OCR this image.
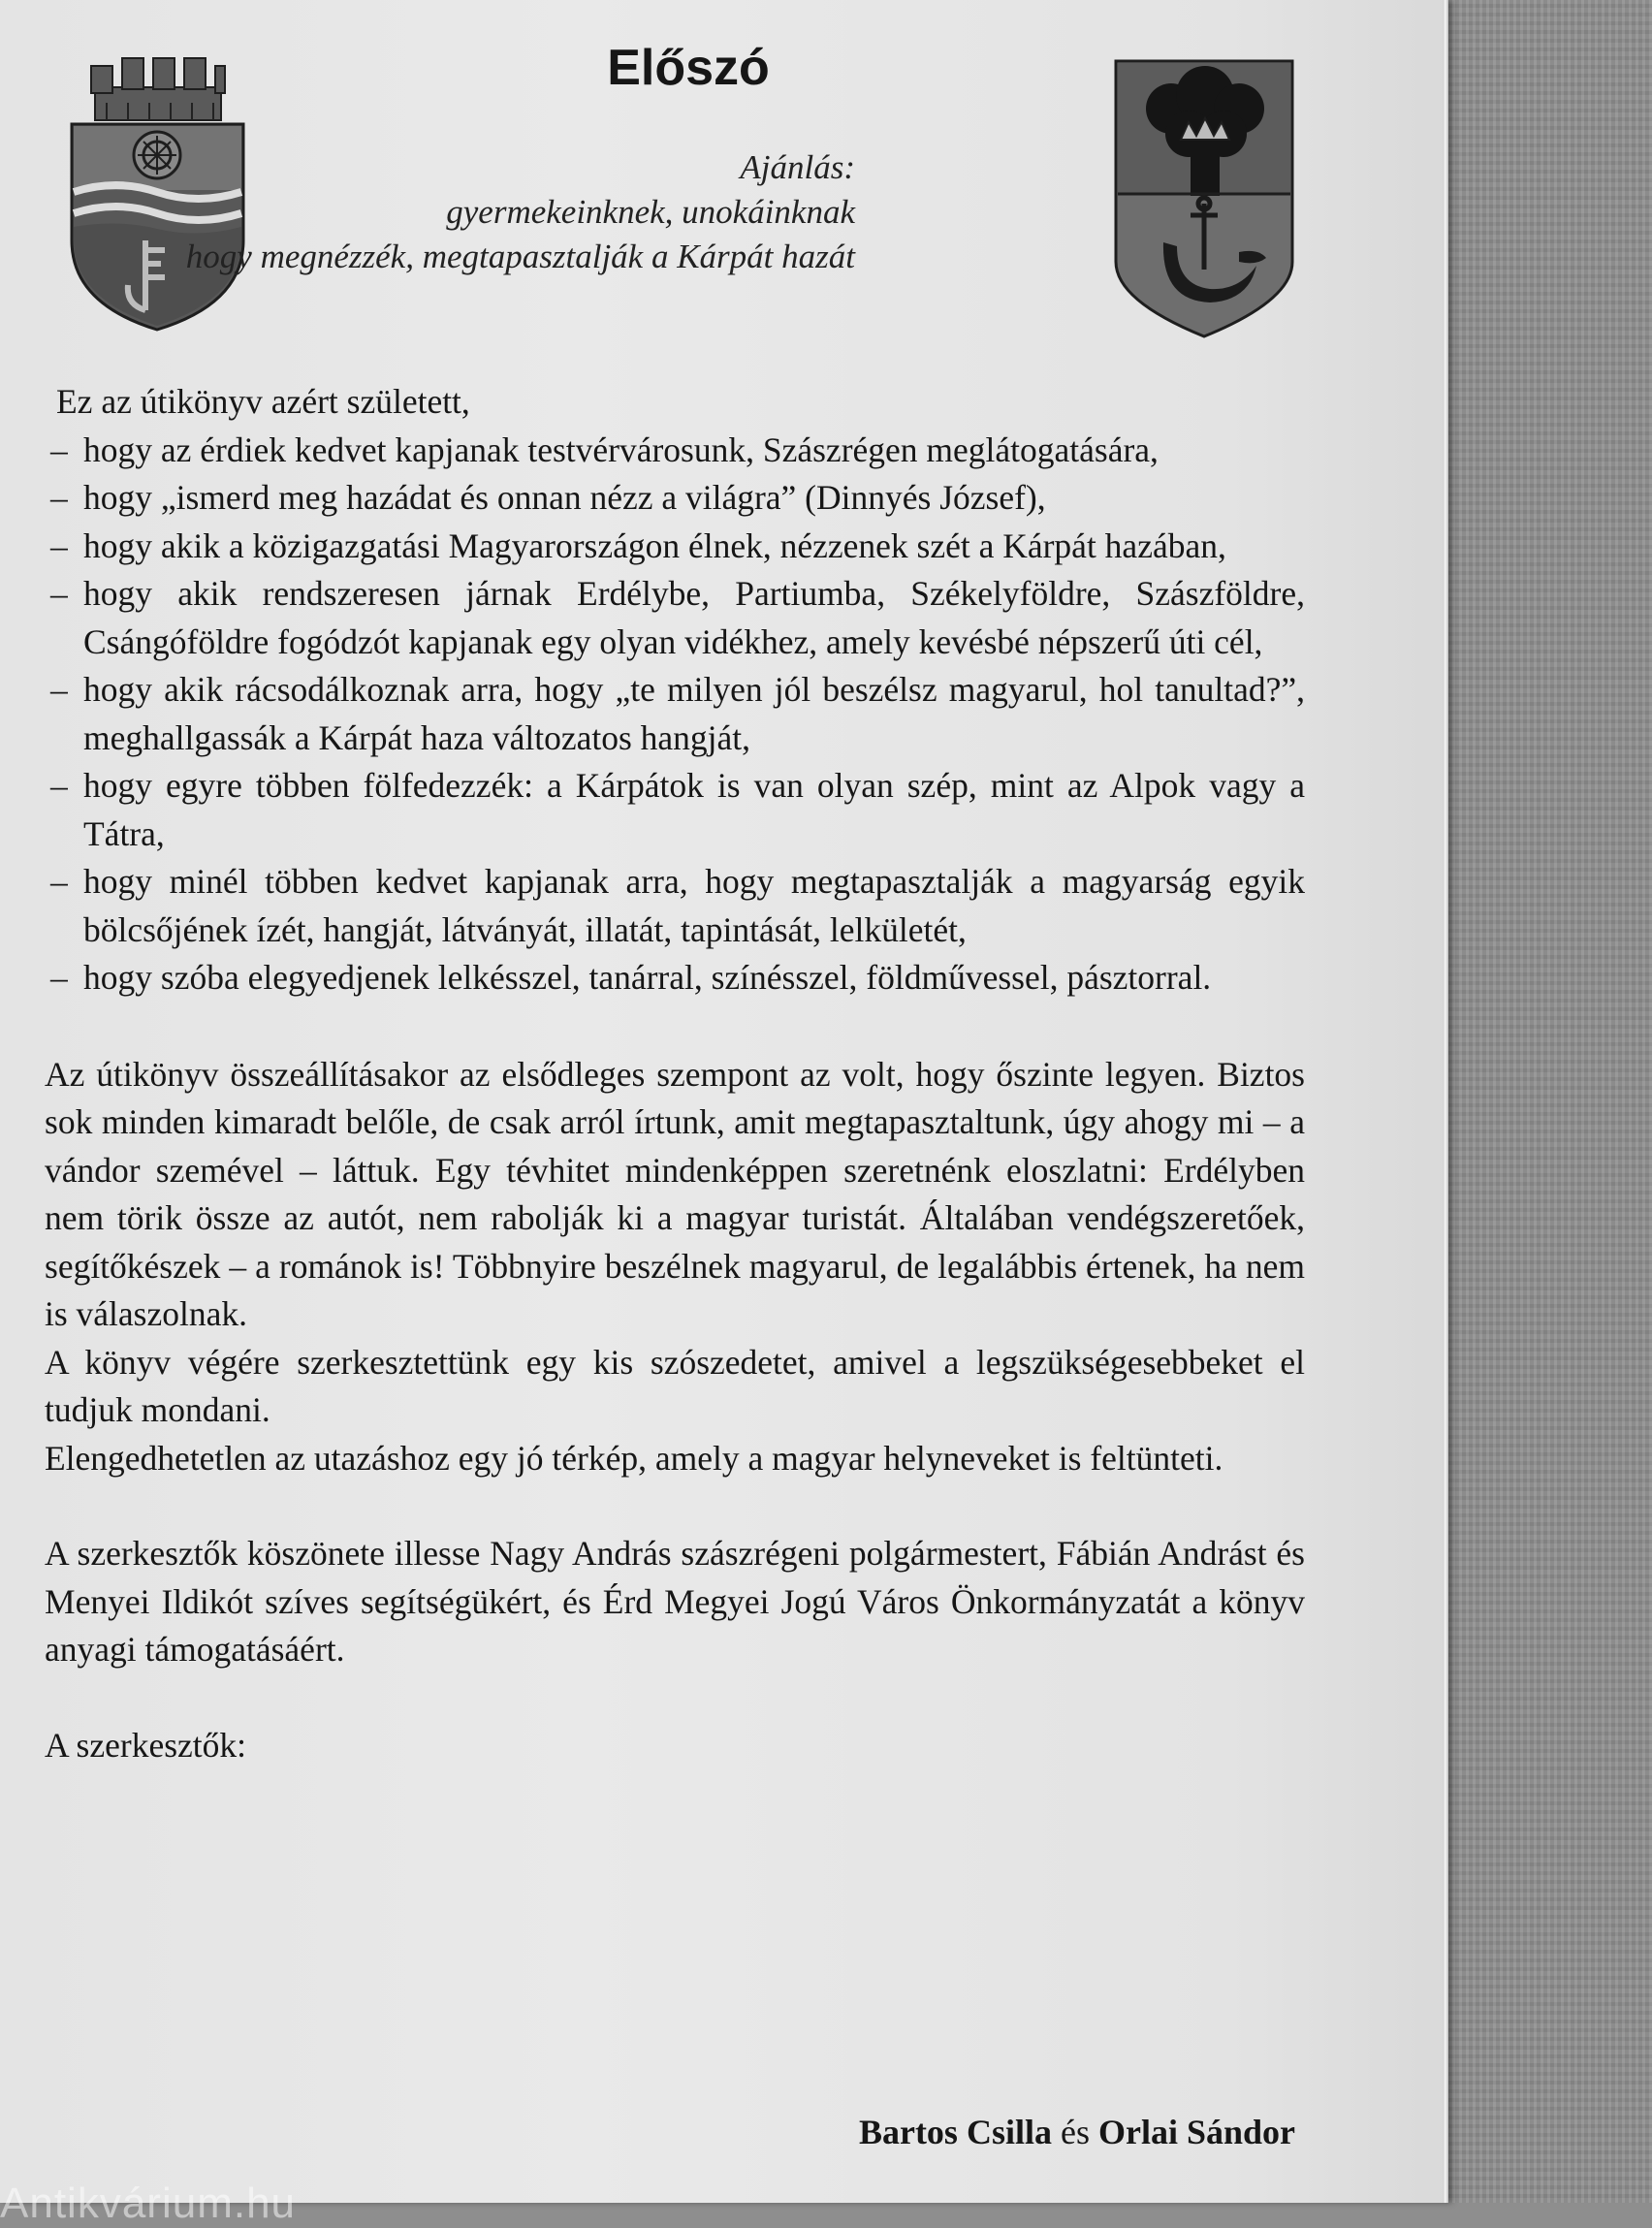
Előszó
Ajánlás:
gyermekeinknek, unokáinknak
hogy megnézzék, megtapasztalják a Kárpát hazát

Ez az útikönyv azért született,

– hogy az érdiek kedvet kapjanak testvérvárosunk, Szászrégen meglátogatására,
– hogy „ismerd meg hazádat és onnan nézz a világra” (Dinnyés József),
– hogy akik a közigazgatási Magyarországon élnek, nézzenek szét a Kárpát hazában,
– hogy akik rendszeresen járnak Erdélybe, Partiumba, Székelyföldre, Szászföldre, Csángóföldre fogódzót kapjanak egy olyan vidékhez, amely kevésbé népszerű úti cél,
– hogy akik rácsodálkoznak arra, hogy „te milyen jól beszélsz magyarul, hol tanultad?”, meghallgassák a Kárpát haza változatos hangját,
– hogy egyre többen fölfedezzék: a Kárpátok is van olyan szép, mint az Alpok vagy a Tátra,
– hogy minél többen kedvet kapjanak arra, hogy megtapasztalják a magyarság egyik bölcsőjének ízét, hangját, látványát, illatát, tapintását, lelkületét,
– hogy szóba elegyedjenek lelkésszel, tanárral, színésszel, földművessel, pásztorral.

Az útikönyv összeállításakor az elsődleges szempont az volt, hogy őszinte legyen. Biztos sok minden kimaradt belőle, de csak arról írtunk, amit megtapasztaltunk, úgy ahogy mi – a vándor szemével – láttuk. Egy tévhitet mindenképpen szeretnénk eloszlatni: Erdélyben nem törik össze az autót, nem rabolják ki a magyar turistát. Általában vendégszeretőek, segítőkészek – a románok is! Többnyire beszélnek magyarul, de legalábbis értenek, ha nem is válaszolnak.

A könyv végére szerkesztettünk egy kis szószedetet, amivel a legszükségesebbeket el tudjuk mondani.

Elengedhetetlen az utazáshoz egy jó térkép, amely a magyar helyneveket is feltünteti.

A szerkesztők köszönete illesse Nagy András szászrégeni polgármestert, Fábián Andrást és Menyei Ildikót szíves segítségükért, és Érd Megyei Jogú Város Önkormányzatát a könyv anyagi támogatásáért.

A szerkesztők:

Bartos Csilla és Orlai Sándor
Antikvárium.hu
